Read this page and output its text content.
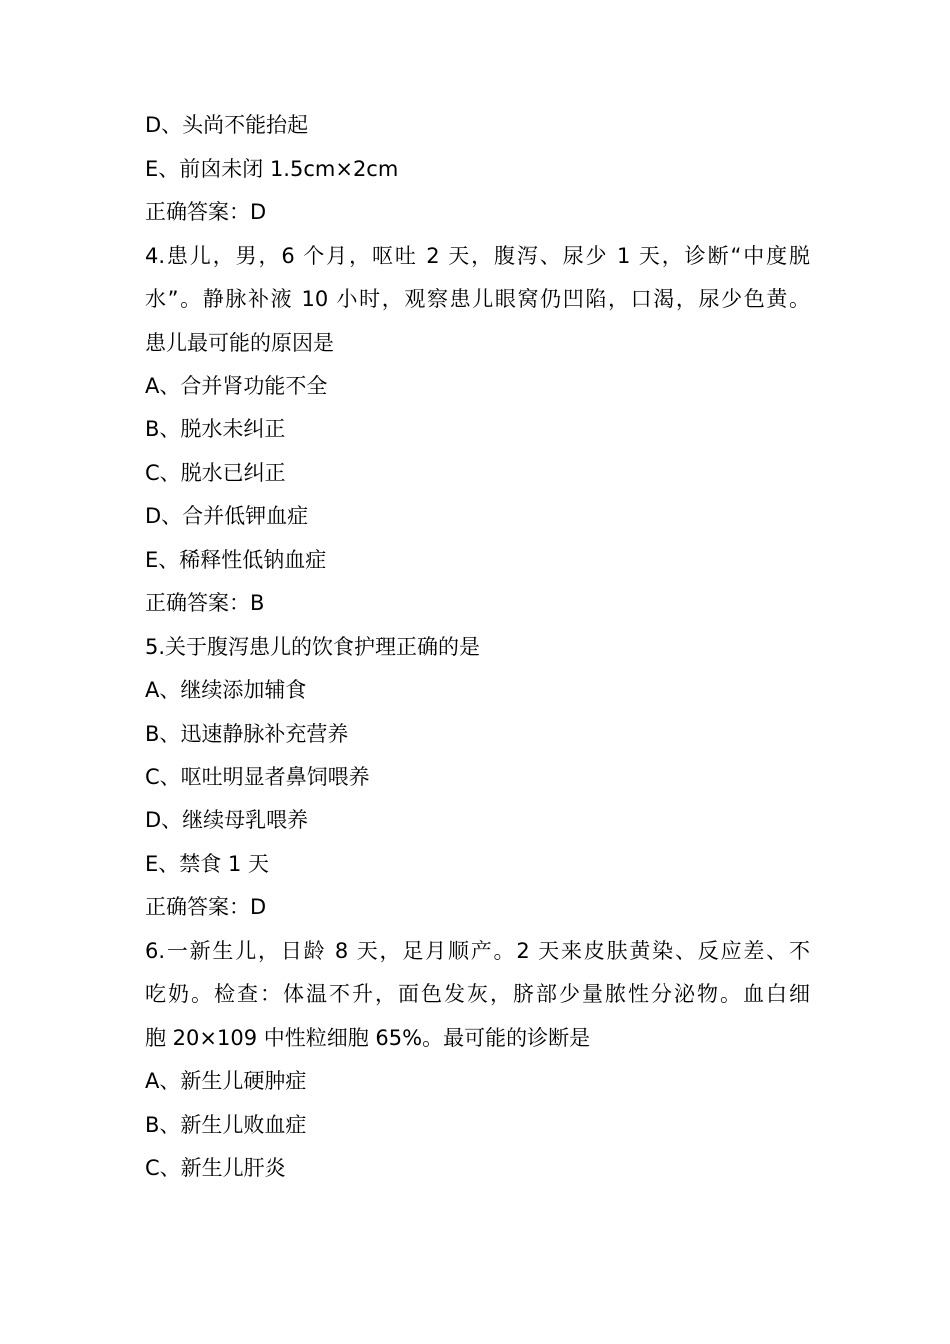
D、头尚不能抬起
E、前囟未闭 1.5cm×2cm
正确答案：D
4.患儿，男，6 个月，呕吐 2 天，腹泻、尿少 1 天，诊断“中度脱
水”。静脉补液 10 小时，观察患儿眼窝仍凹陷，口渴，尿少色黄。
患儿最可能的原因是
A、合并肾功能不全
B、脱水未纠正
C、脱水已纠正
D、合并低钾血症
E、稀释性低钠血症
正确答案：B
5.关于腹泻患儿的饮食护理正确的是
A、继续添加辅食
B、迅速静脉补充营养
C、呕吐明显者鼻饲喂养
D、继续母乳喂养
E、禁食 1 天
正确答案：D
6.一新生儿，日龄 8 天，足月顺产。2 天来皮肤黄染、反应差、不
吃奶。检查：体温不升，面色发灰，脐部少量脓性分泌物。血白细
胞 20×109 中性粒细胞 65%。最可能的诊断是
A、新生儿硬肿症
B、新生儿败血症
C、新生儿肝炎
